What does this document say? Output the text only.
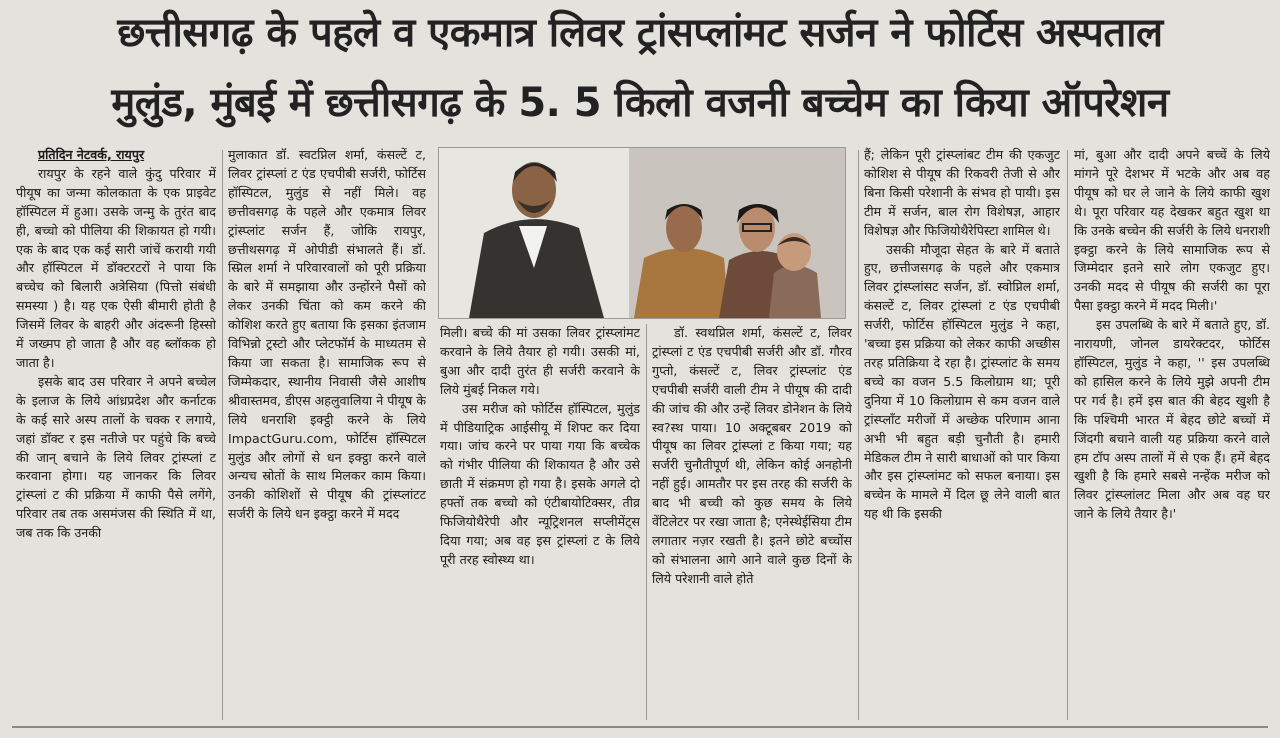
छत्तीसगढ़ के पहले व एकमात्र लिवर ट्रांसप्लांमट सर्जन ने फोर्टिस अस्पताल
मुलुंड, मुंबई में छत्तीसगढ़ के 5. 5 किलो वजनी बच्चेम का किया ऑपरेशन

प्रतिदिन नेटवर्क, रायपुर

रायपुर के रहने वाले कुंदु परिवार में पीयूष का जन्मा कोलकाता के एक प्राइवेट हॉस्पिटल में हुआ। उसके जन्मु के तुरंत बाद ही, बच्चो को पीलिया की शिकायत हो गयी। एक के बाद एक कई सारी जांचें करायी गयी और हॉस्पिटल में डॉक्टरटरों ने पाया कि बच्चेच को बिलारी अत्रेसिया (पित्तो संबंधी समस्या ) है। यह एक ऐसी बीमारी होती है जिसमें लिवर के बाहरी और अंदरूनी हिस्सो में जख्मप हो जाता है और वह ब्लॉकक हो जाता है।

इसके बाद उस परिवार ने अपने बच्चेल के इलाज के लिये आंध्रप्रदेश और कर्नाटक के कई सारे अस्प तालों के चक्क र लगाये, जहां डॉक्ट र इस नतीजे पर पहुंचे कि बच्चे की जान् बचाने के लिये लिवर ट्रांस्प्लां ट करवाना होगा। यह जानकर कि लिवर ट्रांस्प्लां ट की प्रक्रिया में काफी पैसे लगेंगे, परिवार तब तक असमंजस की स्थिति में था, जब तक कि उनकी

मुलाकात डॉ. स्वटप्निल शर्मा, कंसल्टें ट, लिवर ट्रांस्प्लां ट एंड एचपीबी सर्जरी, फोर्टिस हॉस्पिटल, मुलुंड से नहीं मिले। वह छत्तीवसगढ़ के पहले और एकमात्र लिवर ट्रांस्प्लांट सर्जन हैं, जोकि रायपुर, छत्तीथसगढ़ में ओपीडी संभालते हैं। डॉ. स्प्निल शर्मा ने परिवारवालों को पूरी प्रक्रिया के बारे में समझाया और उन्होंरने पैसों को लेकर उनकी चिंता को कम करने की कोशिश करते हुए बताया कि इसका इंतजाम विभिन्नो ट्रस्टो और प्लेटफॉर्म के माध्यतम से किया जा सकता है। सामाजिक रूप से जिम्मेकदार, स्थानीय निवासी जैसे आशीष श्रीवास्तमव, डीएस अहलुवालिया ने पीयूष के लिये धनराशि इक्ट्ठी करने के लिये ImpactGuru.com, फोर्टिस हॉस्पिटल मुलुंड और लोगों से धन इक्ट्ठा करने वाले अन्यच स्रोतों के साथ मिलकर काम किया। उनकी कोशिशों से पीयूष की ट्रांस्प्लांटट सर्जरी के लिये धन इक्ट्ठा करने में मदद

मिली। बच्चे की मां उसका लिवर ट्रांस्प्लांमट करवाने के लिये तैयार हो गयी। उसकी मां, बुआ और दादी तुरंत ही सर्जरी करवाने के लिये मुंबई निकल गये।

उस मरीज को फोर्टिस हॉस्पिटल, मुलुंड में पीडियाट्रिक आईसीयू में शिफ्ट कर दिया गया। जांच करने पर पाया गया कि बच्चेक को गंभीर पीलिया की शिकायत है और उसे छाती में संक्रमण हो गया है। इसके अगले दो हफ्तों तक बच्चो को एंटीबायोटिक्सर, तीव्र फिजियोथैरेपी और न्यूट्रिशनल सप्लीमेंट्स दिया गया; अब वह इस ट्रांस्प्लां ट के लिये पूरी तरह स्वोस्थ्य था।

डॉ. स्वथप्निल शर्मा, कंसल्टें ट, लिवर ट्रांस्प्लां ट एंड एचपीबी सर्जरी और डॉ. गौरव गुप्तो, कंसल्टें ट, लिवर ट्रांस्प्लांट एंड एचपीबी सर्जरी वाली टीम ने पीयूष की दादी की जांच की और उन्हें लिवर डोनेशन के लिये स्व?स्थ पाया। 10 अक्टूबबर 2019 को पीयूष का लिवर ट्रांस्प्लां ट किया गया; यह सर्जरी चुनौतीपूर्ण थी, लेकिन कोई अनहोनी नहीं हुई। आमतौर पर इस तरह की सर्जरी के बाद भी बच्ची को कुछ समय के लिये वेंटिलेटर पर रखा जाता है; एनेस्थेईसिया टीम लगातार नज़र रखती है। इतने छोटे बच्चोंस को संभालना आगे आने वाले कुछ दिनों के लिये परेशानी वाले होते

हैं; लेकिन पूरी ट्रांस्प्लांबट टीम की एकजुट कोशिश से पीयूष की रिकवरी तेजी से और बिना किसी परेशानी के संभव हो पायी। इस टीम में सर्जन, बाल रोग विशेषज्ञ, आहार विशेषज्ञ और फिजियोथैरेपिस्टा शामिल थे।

उसकी मौजूदा सेहत के बारे में बताते हुए, छत्तीजसगढ़ के पहले और एकमात्र लिवर ट्रांस्प्लांसट सर्जन, डॉ. स्वोप्निल शर्मा, कंसल्टें ट, लिवर ट्रांस्प्लां ट एंड एचपीबी सर्जरी, फोर्टिस हॉस्पिटल मुलुंड ने कहा, 'बच्चा इस प्रक्रिया को लेकर काफी अच्छीस तरह प्रतिक्रिया दे रहा है। ट्रांस्प्लांट के समय बच्चे का वजन 5.5 किलोग्राम था; पूरी दुनिया में 10 किलोग्राम से कम वजन वाले ट्रांस्प्लाँट मरीजों में अच्छेक परिणाम आना अभी भी बहुत बड़ी चुनौती है। हमारी मेडिकल टीम ने सारी बाधाओं को पार किया और इस ट्रांस्प्लांमट को सफल बनाया। इस बच्चेन के मामले में दिल छू लेने वाली बात यह थी कि इसकी

मां, बुआ और दादी अपने बच्चें के लिये मांगने पूरे देशभर में भटके और अब वह पीयूष को घर ले जाने के लिये काफी खुश थे। पूरा परिवार यह देखकर बहुत खुश था कि उनके बच्चेन की सर्जरी के लिये धनराशी इक्ट्ठा करने के लिये सामाजिक रूप से जिम्मेदार इतने सारे लोग एकजुट हुए। उनकी मदद से पीयूष की सर्जरी का पूरा पैसा इक्ट्ठा करने में मदद मिली।'

इस उपलब्धि के बारे में बताते हुए, डॉ. नारायणी, जोनल डायरेक्टदर, फोर्टिस हॉस्पिटल, मुलुंड ने कहा, '' इस उपलब्धि को हासिल करने के लिये मुझे अपनी टीम पर गर्व है। हमें इस बात की बेहद खुशी है कि पश्चिमी भारत में बेहद छोटे बच्चों में जिंदगी बचाने वाली यह प्रक्रिया करने वाले हम टॉप अस्प तालों में से एक हैं। हमें बेहद खुशी है कि हमारे सबसे नन्हेंक मरीज को लिवर ट्रांस्प्लांलट मिला और अब वह घर जाने के लिये तैयार है।'
